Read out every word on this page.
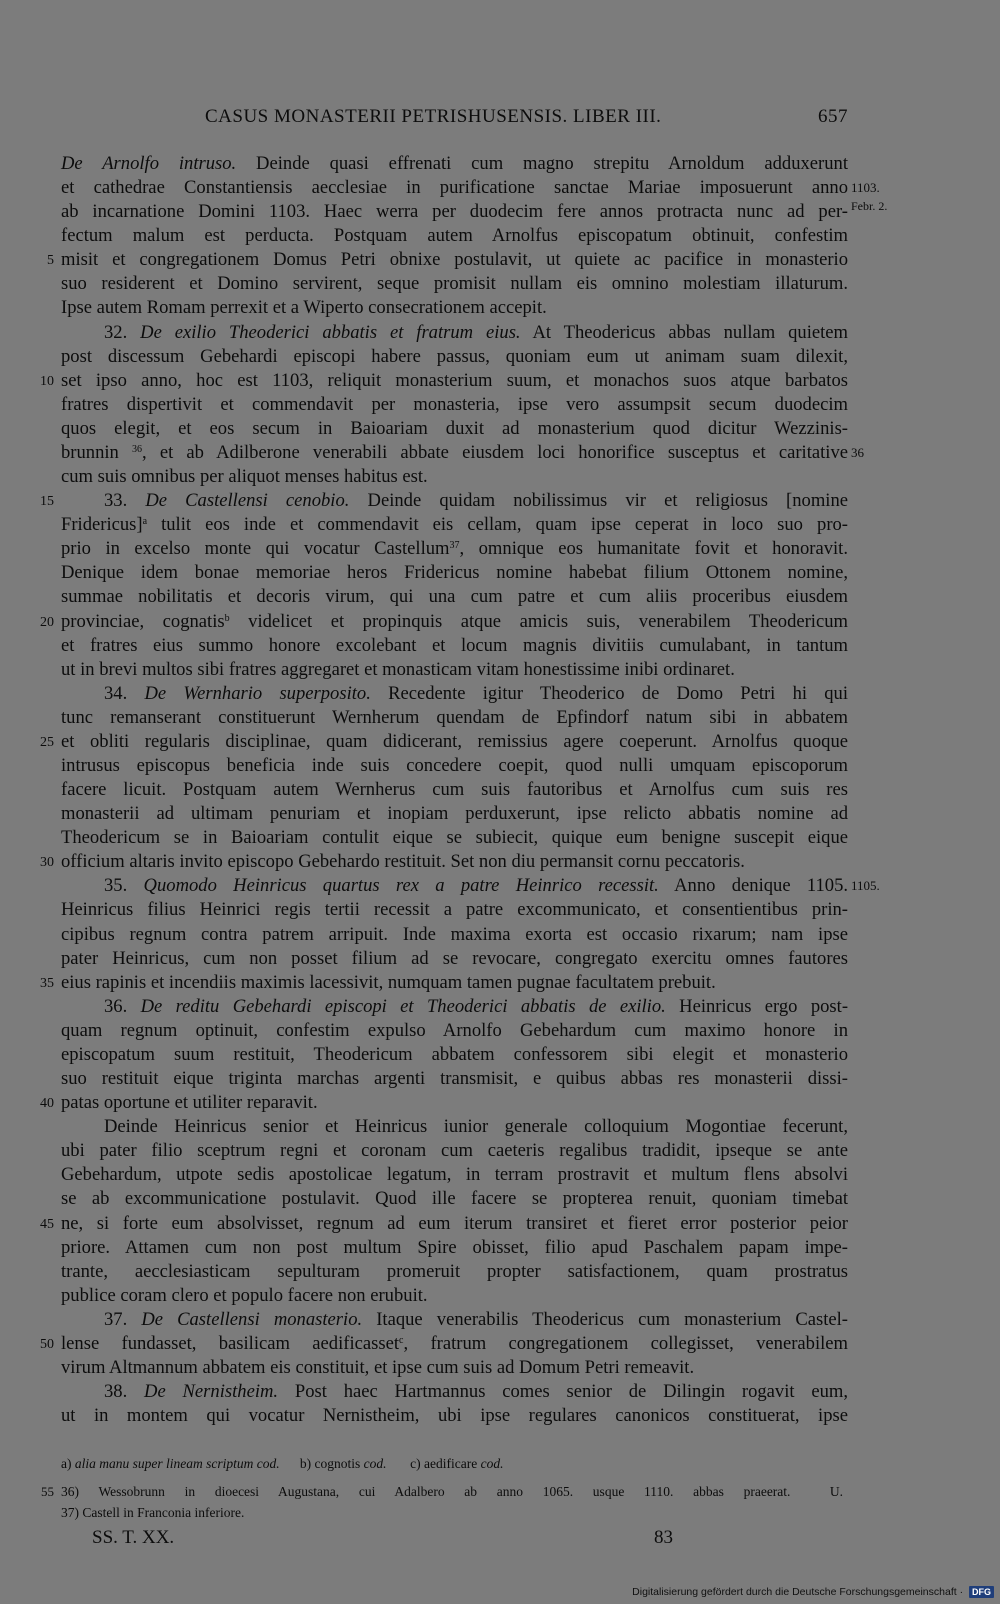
CASUS MONASTERII PETRISHUSENSIS. LIBER III.	657
De Arnolfo intruso. Deinde quasi effrenati cum magno strepitu Arnoldum adduxerunt
et cathedrae Constantiensis aecclesiae in purificatione sanctae Mariae imposuerunt anno 1103.
ab incarnatione Domini 1103. Haec werra per duodecim fere annos protracta nunc ad per- Febr. 2.
fectum malum est perducta. Postquam autem Arnolfus episcopatum obtinuit, confestim
misit et congregationem Domus Petri obnixe postulavit, ut quiete ac pacifice in monasterio
5
suo residerent et Domino servirent, seque promisit nullam eis omnino molestiam illaturum.
Ipse autem Romam perrexit et a Wiperto consecrationem accepit.
32. De exilio Theoderici abbatis et fratrum eius. At Theodericus abbas nullam quietem
post discessum Gebehardi episcopi habere passus, quoniam eum ut animam suam dilexit,
set ipso anno, hoc est 1103, reliquit monasterium suum, et monachos suos atque barbatos
10
fratres dispertivit et commendavit per monasteria, ipse vero assumpsit secum duodecim
quos elegit, et eos secum in Baioariam duxit ad monasterium quod dicitur Wezzinis-
brunnin $^{36}$, et ab Adilberone venerabili abbate eiusdem loci honorifice susceptus et caritative 36
cum suis omnibus per aliquot menses habitus est.
33. De Castellensi cenobio. Deinde quidam nobilissimus vir et religiosus [nomine
15
Fridericus]$^a$ tulit eos inde et commendavit eis cellam, quam ipse ceperat in loco suo pro-
prio in excelso monte qui vocatur Castellum$^{37}$, omnique eos humanitate fovit et honoravit.
Denique idem bonae memoriae heros Fridericus nomine habebat filium Ottonem nomine,
summae nobilitatis et decoris virum, qui una cum patre et cum aliis proceribus eiusdem
provinciae, cognatis$^b$ videlicet et propinquis atque amicis suis, venerabilem Theodericum
20
et fratres eius summo honore excolebant et locum magnis divitiis cumulabant, in tantum
ut in brevi multos sibi fratres aggregaret et monasticam vitam honestissime inibi ordinaret.
34. De Wernhario superposito. Recedente igitur Theoderico de Domo Petri hi qui
tunc remanserant constituerunt Wernherum quendam de Epfindorf natum sibi in abbatem
et obliti regularis disciplinae, quam didicerant, remissius agere coeperunt. Arnolfus quoque
25
intrusus episcopus beneficia inde suis concedere coepit, quod nulli umquam episcoporum
facere licuit. Postquam autem Wernherus cum suis fautoribus et Arnolfus cum suis res
monasterii ad ultimam penuriam et inopiam perduxerunt, ipse relicto abbatis nomine ad
Theodericum se in Baioariam contulit eique se subiecit, quique eum benigne suscepit eique
officium altaris invito episcopo Gebehardo restituit. Set non diu permansit cornu peccatoris.
30
35. Quomodo Heinricus quartus rex a patre Heinrico recessit. Anno denique 1105. 1105.
Heinricus filius Heinrici regis tertii recessit a patre excommunicato, et consentientibus prin-
cipibus regnum contra patrem arripuit. Inde maxima exorta est occasio rixarum; nam ipse
pater Heinricus, cum non posset filium ad se revocare, congregato exercitu omnes fautores
eius rapinis et incendiis maximis lacessivit, numquam tamen pugnae facultatem prebuit.
35
36. De reditu Gebehardi episcopi et Theoderici abbatis de exilio. Heinricus ergo post-
quam regnum optinuit, confestim expulso Arnolfo Gebehardum cum maximo honore in
episcopatum suum restituit, Theodericum abbatem confessorem sibi elegit et monasterio
suo restituit eique triginta marchas argenti transmisit, e quibus abbas res monasterii dissi-
patas oportune et utiliter reparavit.
40
Deinde Heinricus senior et Heinricus iunior generale colloquium Mogontiae fecerunt,
ubi pater filio sceptrum regni et coronam cum caeteris regalibus tradidit, ipseque se ante
Gebehardum, utpote sedis apostolicae legatum, in terram prostravit et multum flens absolvi
se ab excommunicatione postulavit. Quod ille facere se propterea renuit, quoniam timebat
ne, si forte eum absolvisset, regnum ad eum iterum transiret et fieret error posterior peior
45
priore. Attamen cum non post multum Spire obisset, filio apud Paschalem papam impe-
trante, aecclesiasticam sepulturam promeruit propter satisfactionem, quam prostratus
publice coram clero et populo facere non erubuit.
37. De Castellensi monasterio. Itaque venerabilis Theodericus cum monasterium Castel-
lense fundasset, basilicam aedificasset$^c$, fratrum congregationem collegisset, venerabilem
50
virum Altmannum abbatem eis constituit, et ipse cum suis ad Domum Petri remeavit.
38. De Nernistheim. Post haec Hartmannus comes senior de Dilingin rogavit eum,
ut in montem qui vocatur Nernistheim, ubi ipse regulares canonicos constituerat, ipse
a) alia manu super lineam scriptum cod.      b) cognotis cod.       c) aedificare cod.
36) Wessobrunn in dioecesi Augustana, cui Adalbero ab anno 1065. usque 1110. abbas praeerat.  U.
55
37) Castell in Franconia inferiore.
SS. T. XX.	83
Digitalisierung gefördert durch die Deutsche Forschungsgemeinschaft · DFG
